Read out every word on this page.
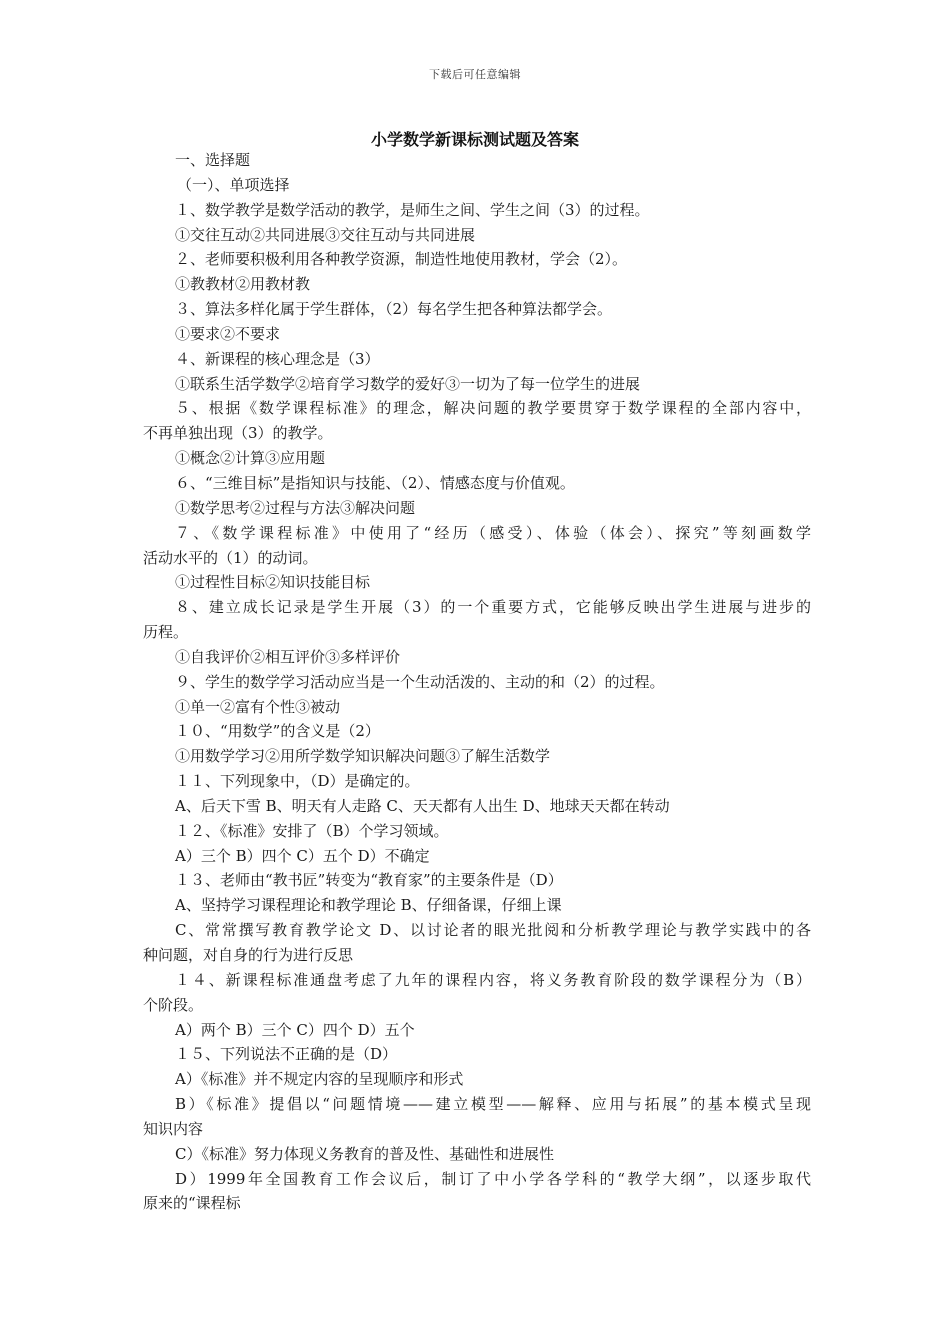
下载后可任意编辑
小学数学新课标测试题及答案
一、选择题
（一）、单项选择
１、数学教学是数学活动的教学，是师生之间、学生之间（3）的过程。
①交往互动②共同进展③交往互动与共同进展
２、老师要积极利用各种教学资源，制造性地使用教材，学会（2）。
①教教材②用教材教
３、算法多样化属于学生群体，（2）每名学生把各种算法都学会。
①要求②不要求
４、新课程的核心理念是（3）
①联系生活学数学②培育学习数学的爱好③一切为了每一位学生的进展
５、根据《数学课程标准》的理念，解决问题的教学要贯穿于数学课程的全部内容中，
不再单独出现（3）的教学。
①概念②计算③应用题
６、“三维目标”是指知识与技能、（2）、情感态度与价值观。
①数学思考②过程与方法③解决问题
７、《数学课程标准》中使用了“经历（感受）、体验（体会）、探究”等刻画数学
活动水平的（1）的动词。
①过程性目标②知识技能目标
８、建立成长记录是学生开展（3）的一个重要方式，它能够反映出学生进展与进步的
历程。
①自我评价②相互评价③多样评价
９、学生的数学学习活动应当是一个生动活泼的、主动的和（2）的过程。
①单一②富有个性③被动
１０、“用数学”的含义是（2）
①用数学学习②用所学数学知识解决问题③了解生活数学
１１、下列现象中，（D）是确定的。
A、后天下雪 B、明天有人走路 C、天天都有人出生 D、地球天天都在转动
１２、《标准》安排了（B）个学习领域。
A）三个 B）四个 C）五个 D）不确定
１３、老师由“教书匠”转变为“教育家”的主要条件是（D）
A、坚持学习课程理论和教学理论 B、仔细备课，仔细上课
C、常常撰写教育教学论文 D、以讨论者的眼光批阅和分析教学理论与教学实践中的各
种问题，对自身的行为进行反思
１４、新课程标准通盘考虑了九年的课程内容，将义务教育阶段的数学课程分为（B）
个阶段。
A）两个 B）三个 C）四个 D）五个
１５、下列说法不正确的是（D）
A）《标准》并不规定内容的呈现顺序和形式
B）《标准》提倡以“问题情境——建立模型——解释、应用与拓展”的基本模式呈现
知识内容
C）《标准》努力体现义务教育的普及性、基础性和进展性
D）1999年全国教育工作会议后，制订了中小学各学科的“教学大纲”，以逐步取代
原来的“课程标
